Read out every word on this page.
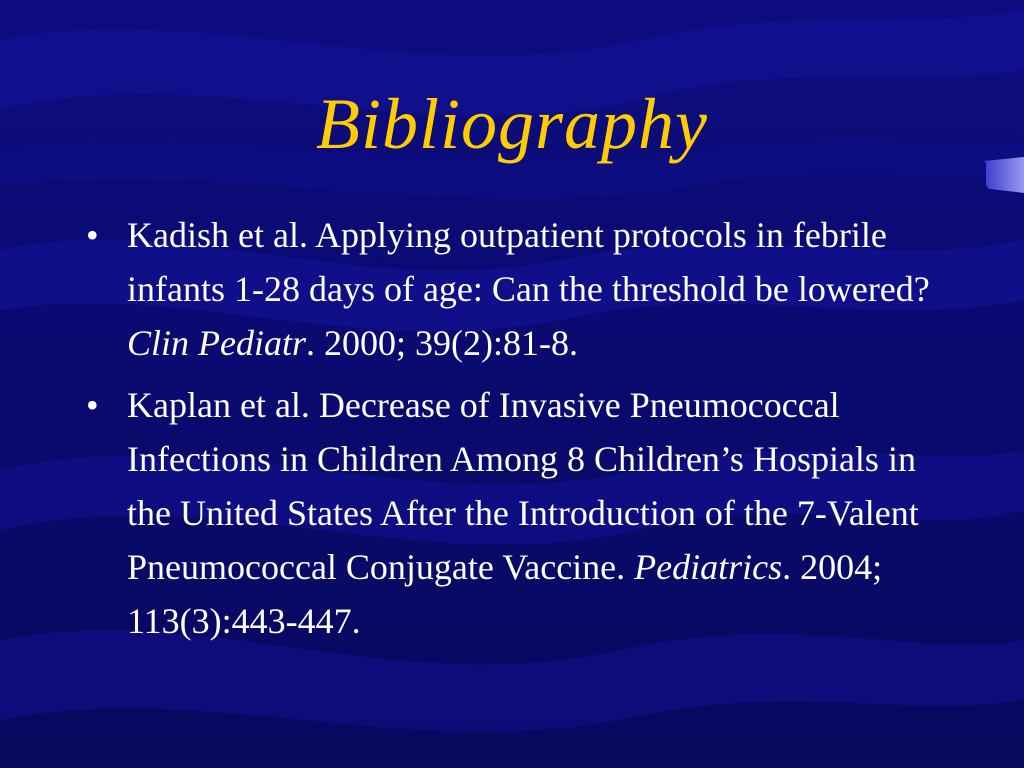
Bibliography
• Kadish et al. Applying outpatient protocols in febrile infants 1-28 days of age: Can the threshold be lowered? Clin Pediatr. 2000; 39(2):81-8.
• Kaplan et al. Decrease of Invasive Pneumococcal Infections in Children Among 8 Children’s Hospials in the United States After the Introduction of the 7-Valent Pneumococcal Conjugate Vaccine. Pediatrics. 2004; 113(3):443-447.
